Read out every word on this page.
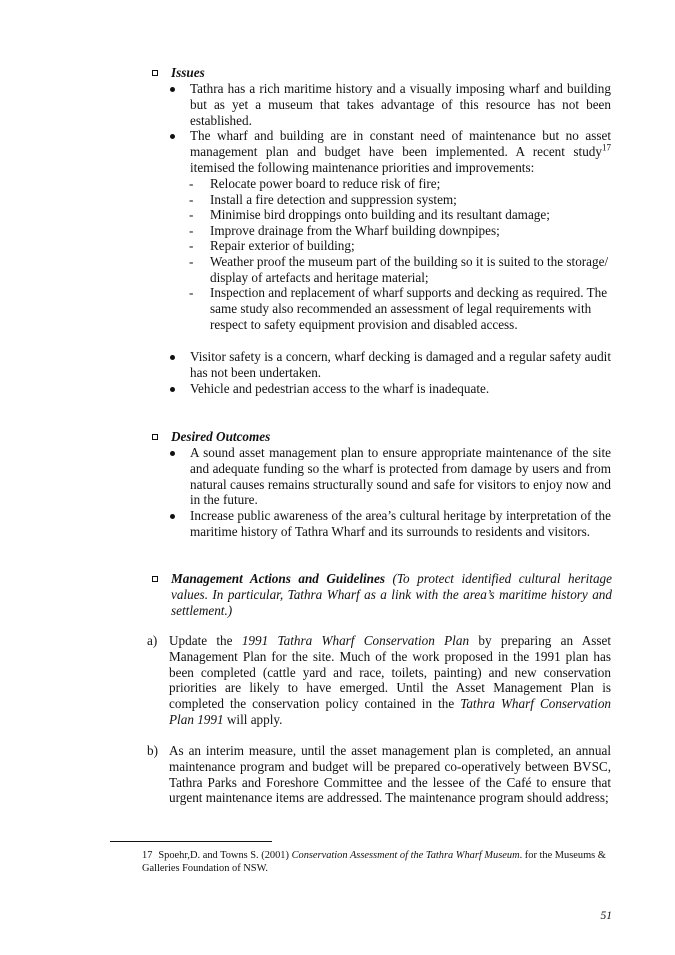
Issues
Tathra has a rich maritime history and a visually imposing wharf and building but as yet a museum that takes advantage of this resource has not been established.
The wharf and building are in constant need of maintenance but no asset management plan and budget have been implemented. A recent study$^{17}$ itemised the following maintenance priorities and improvements:
- Relocate power board to reduce risk of fire;
- Install a fire detection and suppression system;
- Minimise bird droppings onto building and its resultant damage;
- Improve drainage from the Wharf building downpipes;
- Repair exterior of building;
- Weather proof the museum part of the building so it is suited to the storage/ display of artefacts and heritage material;
- Inspection and replacement of wharf supports and decking as required. The same study also recommended an assessment of legal requirements with respect to safety equipment provision and disabled access.
Visitor safety is a concern, wharf decking is damaged and a regular safety audit has not been undertaken.
Vehicle and pedestrian access to the wharf is inadequate.
Desired Outcomes
A sound asset management plan to ensure appropriate maintenance of the site and adequate funding so the wharf is protected from damage by users and from natural causes remains structurally sound and safe for visitors to enjoy now and in the future.
Increase public awareness of the area’s cultural heritage by interpretation of the maritime history of Tathra Wharf and its surrounds to residents and visitors.
Management Actions and Guidelines (To protect identified cultural heritage values. In particular, Tathra Wharf as a link with the area’s maritime history and settlement.)
a) Update the 1991 Tathra Wharf Conservation Plan by preparing an Asset Management Plan for the site. Much of the work proposed in the 1991 plan has been completed (cattle yard and race, toilets, painting) and new conservation priorities are likely to have emerged. Until the Asset Management Plan is completed the conservation policy contained in the Tathra Wharf Conservation Plan 1991 will apply.
b) As an interim measure, until the asset management plan is completed, an annual maintenance program and budget will be prepared co-operatively between BVSC, Tathra Parks and Foreshore Committee and the lessee of the Café to ensure that urgent maintenance items are addressed. The maintenance program should address;
17 Spoehr,D. and Towns S. (2001) Conservation Assessment of the Tathra Wharf Museum. for the Museums & Galleries Foundation of NSW.
51
